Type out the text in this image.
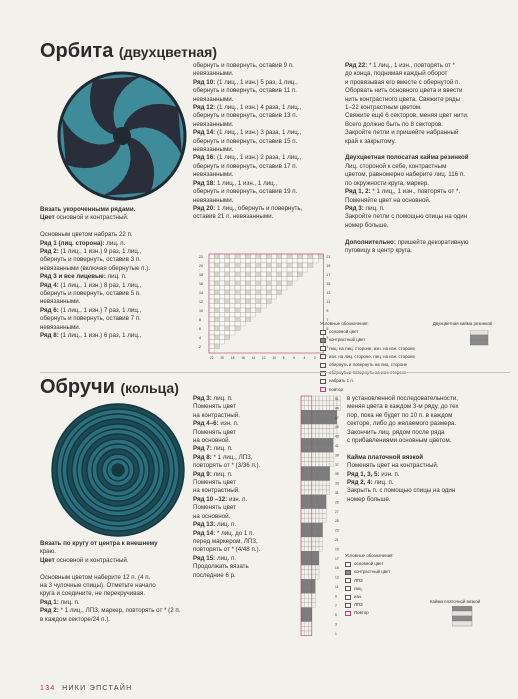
Орбита (двухцветная)

Вязать укороченными рядами.

Цвет основной и контрастный.

Основным цветом набрать 22 п.

Ряд 1 (лиц. сторона): лиц. п.

Ряд 2: (1 лиц., 1 изн.) 9 раз, 1 лиц.,

обернуть и повернуть, оставив 3 п.

невязанными (включая обернутые п.).

Ряд 3 и все лицевые: лиц. п.

Ряд 4: (1 лиц., 1 изн.) 8 раз, 1 лиц.,

обернуть и повернуть, оставив 5 п.

невязанными.

Ряд 6: (1 лиц., 1 изн.) 7 раз, 1 лиц.,

обернуть и повернуть, оставив 7 п.

невязанными.

Ряд 8: (1 лиц., 1 изн.) 6 раз, 1 лиц.,

обернуть и повернуть, оставив 9 п.

невязанными.

Ряд 10: (1 лиц., 1 изн.) 5 раз, 1 лиц.,

обернуть и повернуть, оставив 11 п.

невязанными.

Ряд 12: (1 лиц., 1 изн.) 4 раза, 1 лиц.,

обернуть и повернуть, оставив 13 п.

невязанными.

Ряд 14: (1 лиц., 1 изн.) 3 раза, 1 лиц.,

обернуть и повернуть, оставив 15 п.

невязанными.

Ряд 16: (1 лиц., 1 изн.) 2 раза, 1 лиц.,

обернуть и повернуть, оставив 17 п.

невязанными.

Ряд 18: 1 лиц., 1 изн., 1 лиц.,

обернуть и повернуть, оставив 19 п.

невязанными.

Ряд 20: 1 лиц., обернуть и повернуть,

оставив 21 п. невязанными.

Ряд 22: * 1 лиц., 1 изн., повторять от *

до конца, поднимая каждый оборот

и провязывая его вместе с обернутой п.

Оборвать нить основного цвета и ввести

нить контрастного цвета. Свяжите ряды

1–22 контрастным цветом.

Свяжите ещё 6 секторов, меняя цвет нити.

Всего должно быть по 8 секторов.

Закройте петли и пришейте набранный

край к закрытому.

Двухцветная полосатая кайма резинкой

Лиц. стороной к себе, контрастным

цветом, равномерно наберите лиц. 116 п.

по окружности круга, маркер.

Ряд 1, 2: * 1 лиц., 1 изн., повторять от *.

Поменяйте цвет на основной.

Ряд 3: лиц. п.

Закройте петли с помощью спицы на один

номер больше.

Дополнительно: пришейте декоративную

пуговицу в центр круга.

22
20
18
16
14
12
10
8
6
4
2
21
19
17
15
13
11
9
7
5
3
1
22 20 18 16 14 12 10 8	6	4	2
Условные обозначения:	Двухцветная кайма резинкой
основной цвет
контрастный цвет
лиц. на лиц. стороне, изн. на изн. стороне
изн. на лиц. стороне, лиц. на изн. стороне
обернуть и повернуть на лиц. стороне
набрать 1 п.
повтор
Обручи (кольца)

Вязать по кругу от центра к внешнему

краю.

Цвет основной и контрастный.

Основным цветом наберите 12 п. (4 п.

на 3 чулочные спицы). Отметьте начало

круга и соедините, не перекручивая.

Ряд 1: лиц. п.

Ряд 2: * 1 лиц., ЛПЗ, маркер, повторять от * (2 п.

в каждом секторе/24 п.).

Ряд 3: лиц. п.

Поменять цвет

на контрастный.

Ряд 4–6: изн. п.

Поменять цвет

на основной.

Ряд 7: лиц. п.

Ряд 8: * 1 лиц., ЛПЗ,

повторять от * (3/36 п.).

Ряд 9: лиц. п.

Поменять цвет

на контрастный.

Ряд 10 –12: изн. п.

Поменять цвет

на основной.

Ряд 13: лиц. п.

Ряд 14: * лиц. до 1 п.

перед маркером, ЛПЗ,

повторять от * (4/48 п.).

Ряд 15: лиц. п.

Продолжать вязать

последние 6 р.

в установленной последовательности,

меняя цвета в каждом 3-м ряду, до тех

пор, пока не будет по 10 п. в каждом

секторе, либо до желаемого размера.

Закончить лиц. рядом после ряда

с прибавлениями основным цветом.

Кайма платочной вязкой

Поменять цвет на контрастный.

Ряд 1, 3, 5: изн. п.

Ряд 2, 4: лиц. п.

Закрыть п. с помощью спицы на один

номер больше.

51
49
47
45
43
41
39
37
35
33
31
29
27
25
23
21
19
17
15
13
11
9
7
5
3
1
Условные обозначения:
основной цвет
контрастный цвет
ЛПЗ
лиц.
изн.
ЛПЗ
Повтор
Кайма платочной вязкой
134 НИКИ ЭПСТАЙН
